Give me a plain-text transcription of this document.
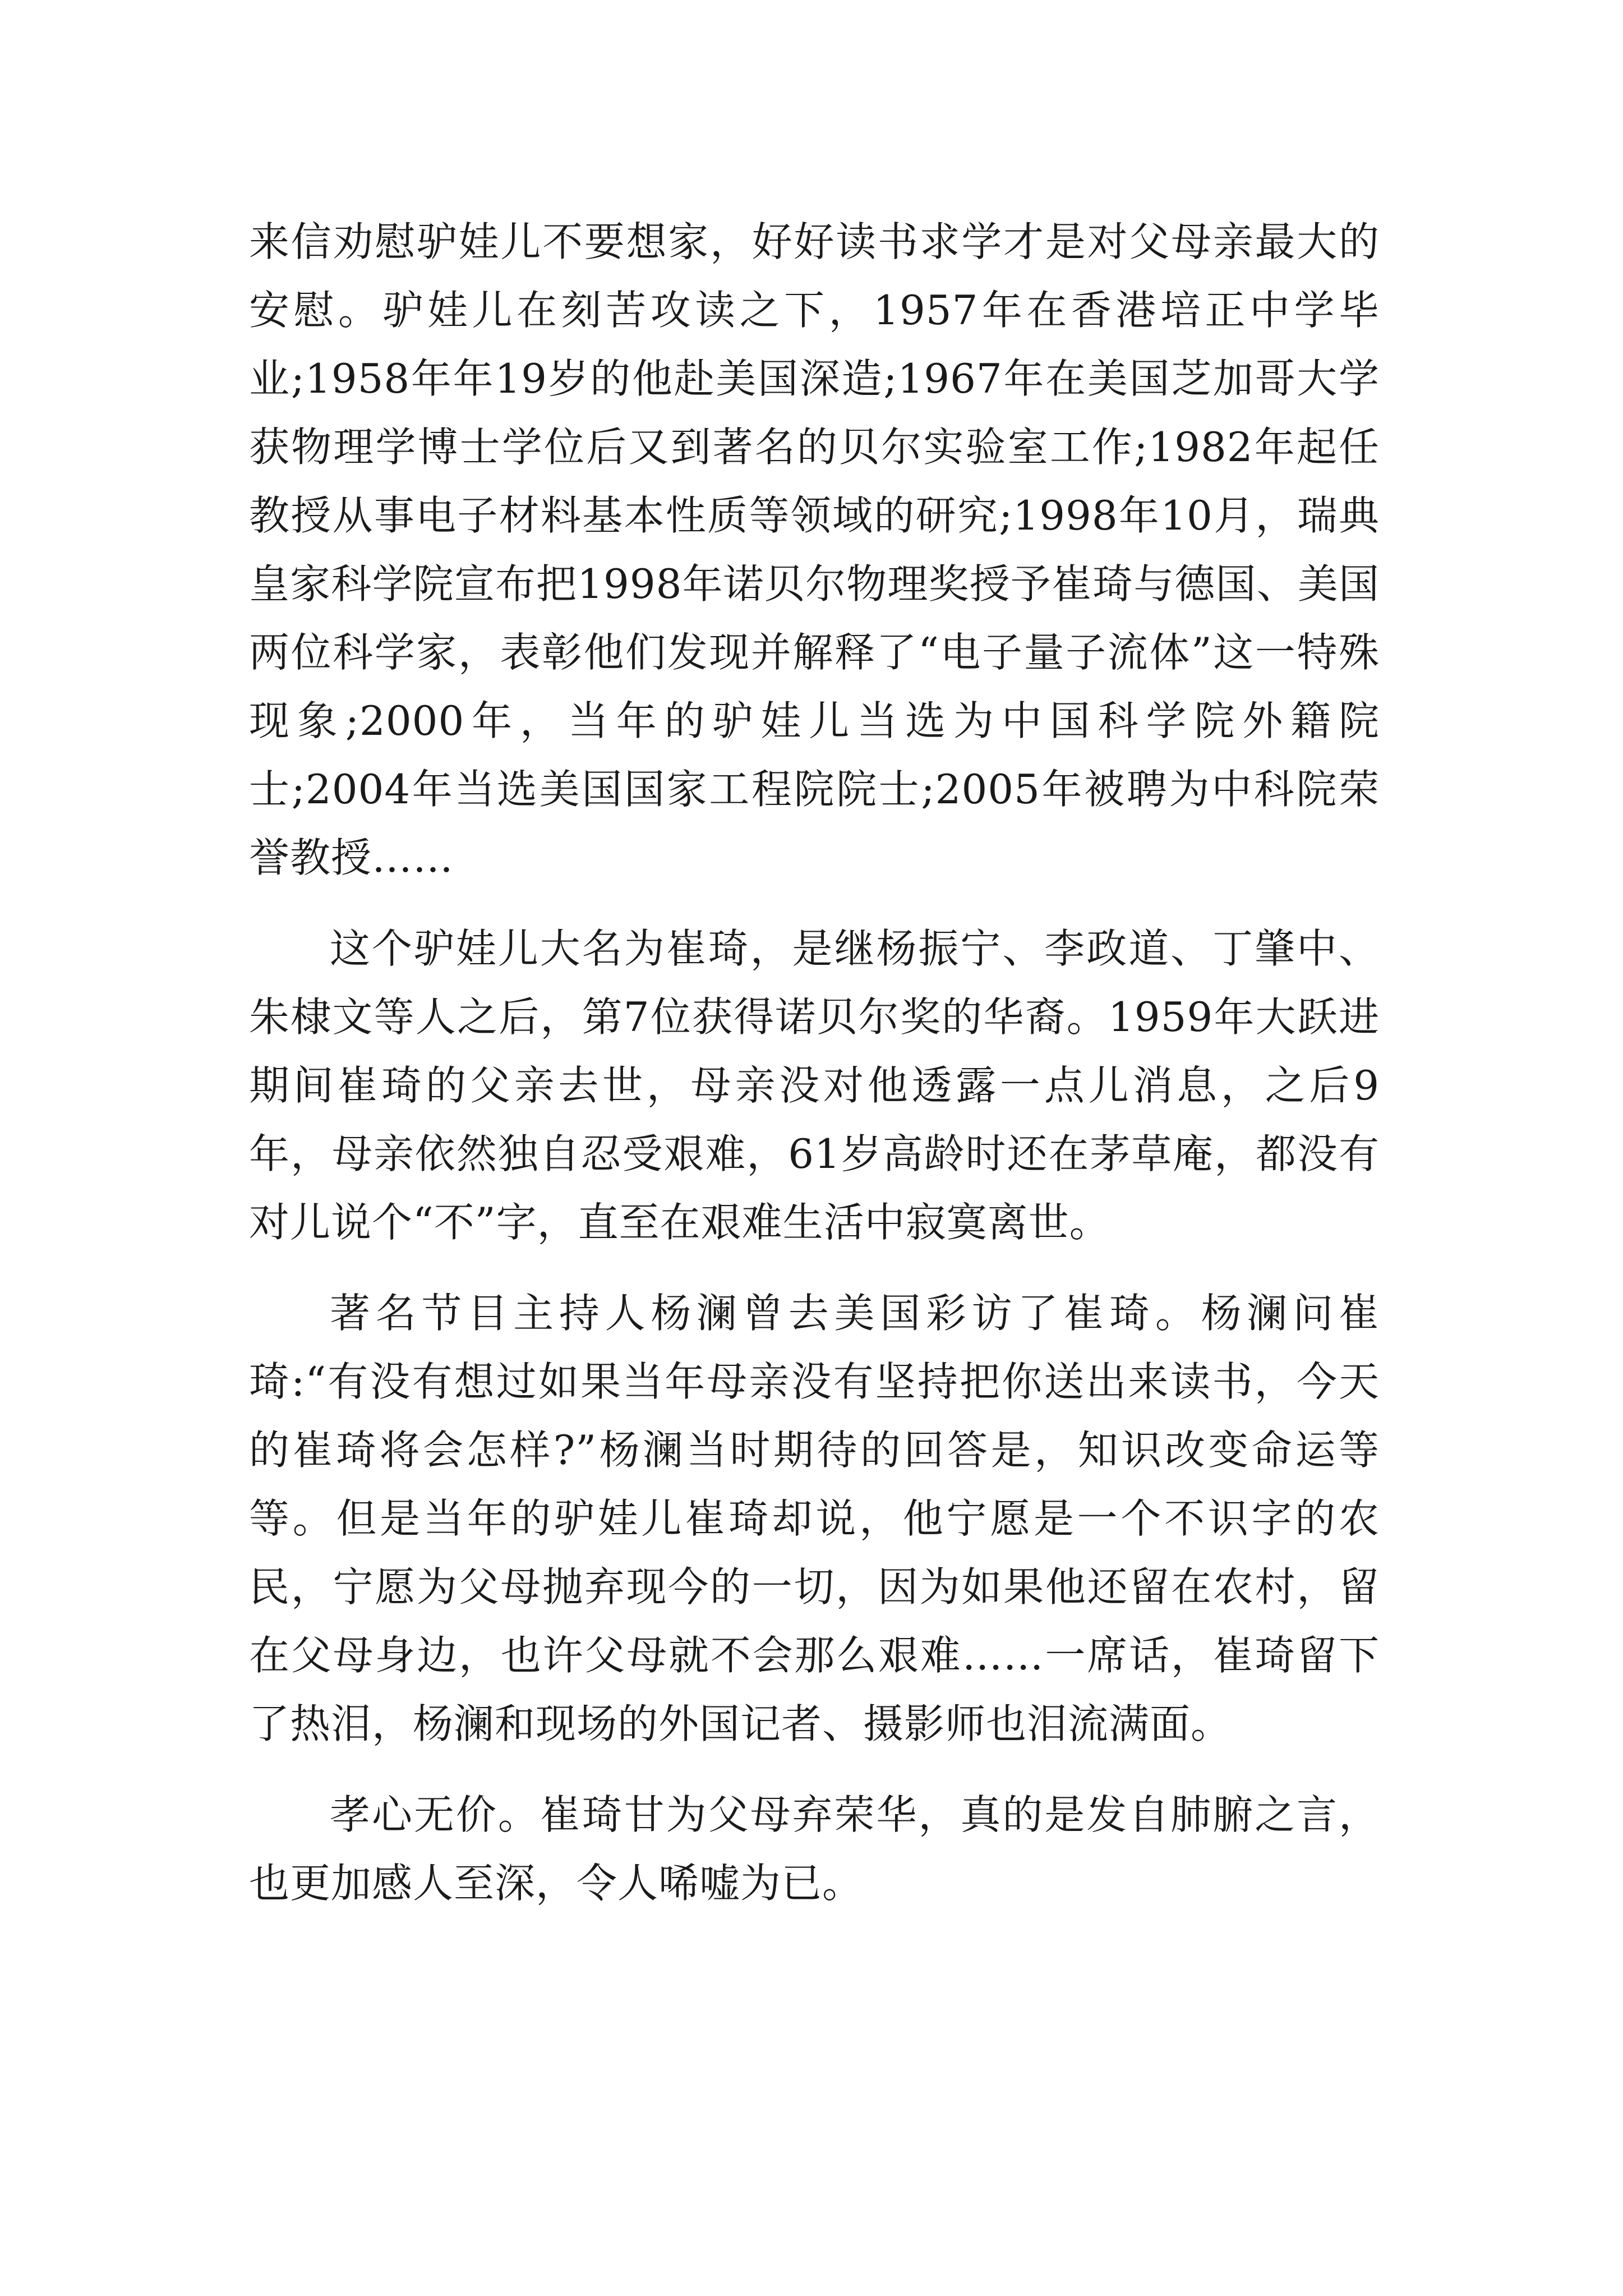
来信劝慰驴娃儿不要想家，好好读书求学才是对父母亲最大的安慰。驴娃儿在刻苦攻读之下，1957年在香港培正中学毕业;1958年年19岁的他赴美国深造;1967年在美国芝加哥大学获物理学博士学位后又到著名的贝尔实验室工作;1982年起任教授从事电子材料基本性质等领域的研究;1998年10月，瑞典皇家科学院宣布把1998年诺贝尔物理奖授予崔琦与德国、美国两位科学家，表彰他们发现并解释了“电子量子流体”这一特殊现象;2000年，当年的驴娃儿当选为中国科学院外籍院士;2004年当选美国国家工程院院士;2005年被聘为中科院荣誉教授……

这个驴娃儿大名为崔琦，是继杨振宁、李政道、丁肇中、朱棣文等人之后，第7位获得诺贝尔奖的华裔。1959年大跃进期间崔琦的父亲去世，母亲没对他透露一点儿消息，之后9年，母亲依然独自忍受艰难，61岁高龄时还在茅草庵，都没有对儿说个“不”字，直至在艰难生活中寂寞离世。

著名节目主持人杨澜曾去美国彩访了崔琦。杨澜问崔琦:“有没有想过如果当年母亲没有坚持把你送出来读书，今天的崔琦将会怎样?”杨澜当时期待的回答是，知识改变命运等等。但是当年的驴娃儿崔琦却说，他宁愿是一个不识字的农民，宁愿为父母抛弃现今的一切，因为如果他还留在农村，留在父母身边，也许父母就不会那么艰难……一席话，崔琦留下了热泪，杨澜和现场的外国记者、摄影师也泪流满面。

孝心无价。崔琦甘为父母弃荣华，真的是发自肺腑之言，也更加感人至深，令人唏嘘为已。
